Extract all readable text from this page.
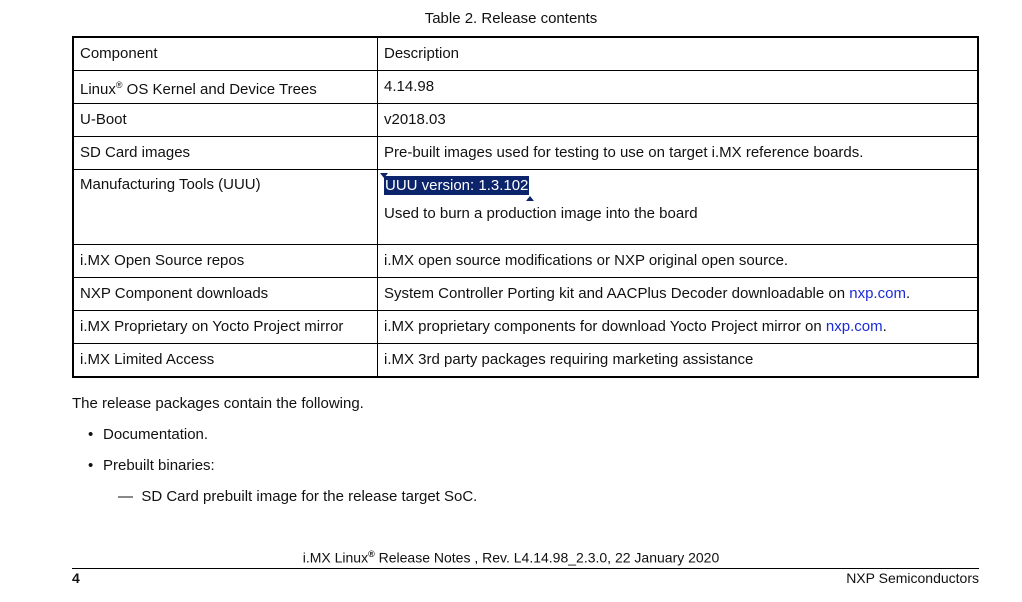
Table 2. Release contents
Component	Description
Linux® OS Kernel and Device Trees	4.14.98
U-Boot	v2018.03
SD Card images	Pre-built images used for testing to use on target i.MX reference boards.
Manufacturing Tools (UUU)	UUU version: 1.3.102
Used to burn a production image into the board

i.MX Open Source repos	i.MX open source modifications or NXP original open source.
NXP Component downloads	System Controller Porting kit and AACPlus Decoder downloadable on nxp.com.
i.MX Proprietary on Yocto Project mirror	i.MX proprietary components for download Yocto Project mirror on nxp.com.
i.MX Limited Access	i.MX 3rd party packages requiring marketing assistance
The release packages contain the following.
• Documentation.
• Prebuilt binaries:
— SD Card prebuilt image for the release target SoC.
i.MX Linux® Release Notes , Rev. L4.14.98_2.3.0, 22 January 2020
4	NXP Semiconductors
